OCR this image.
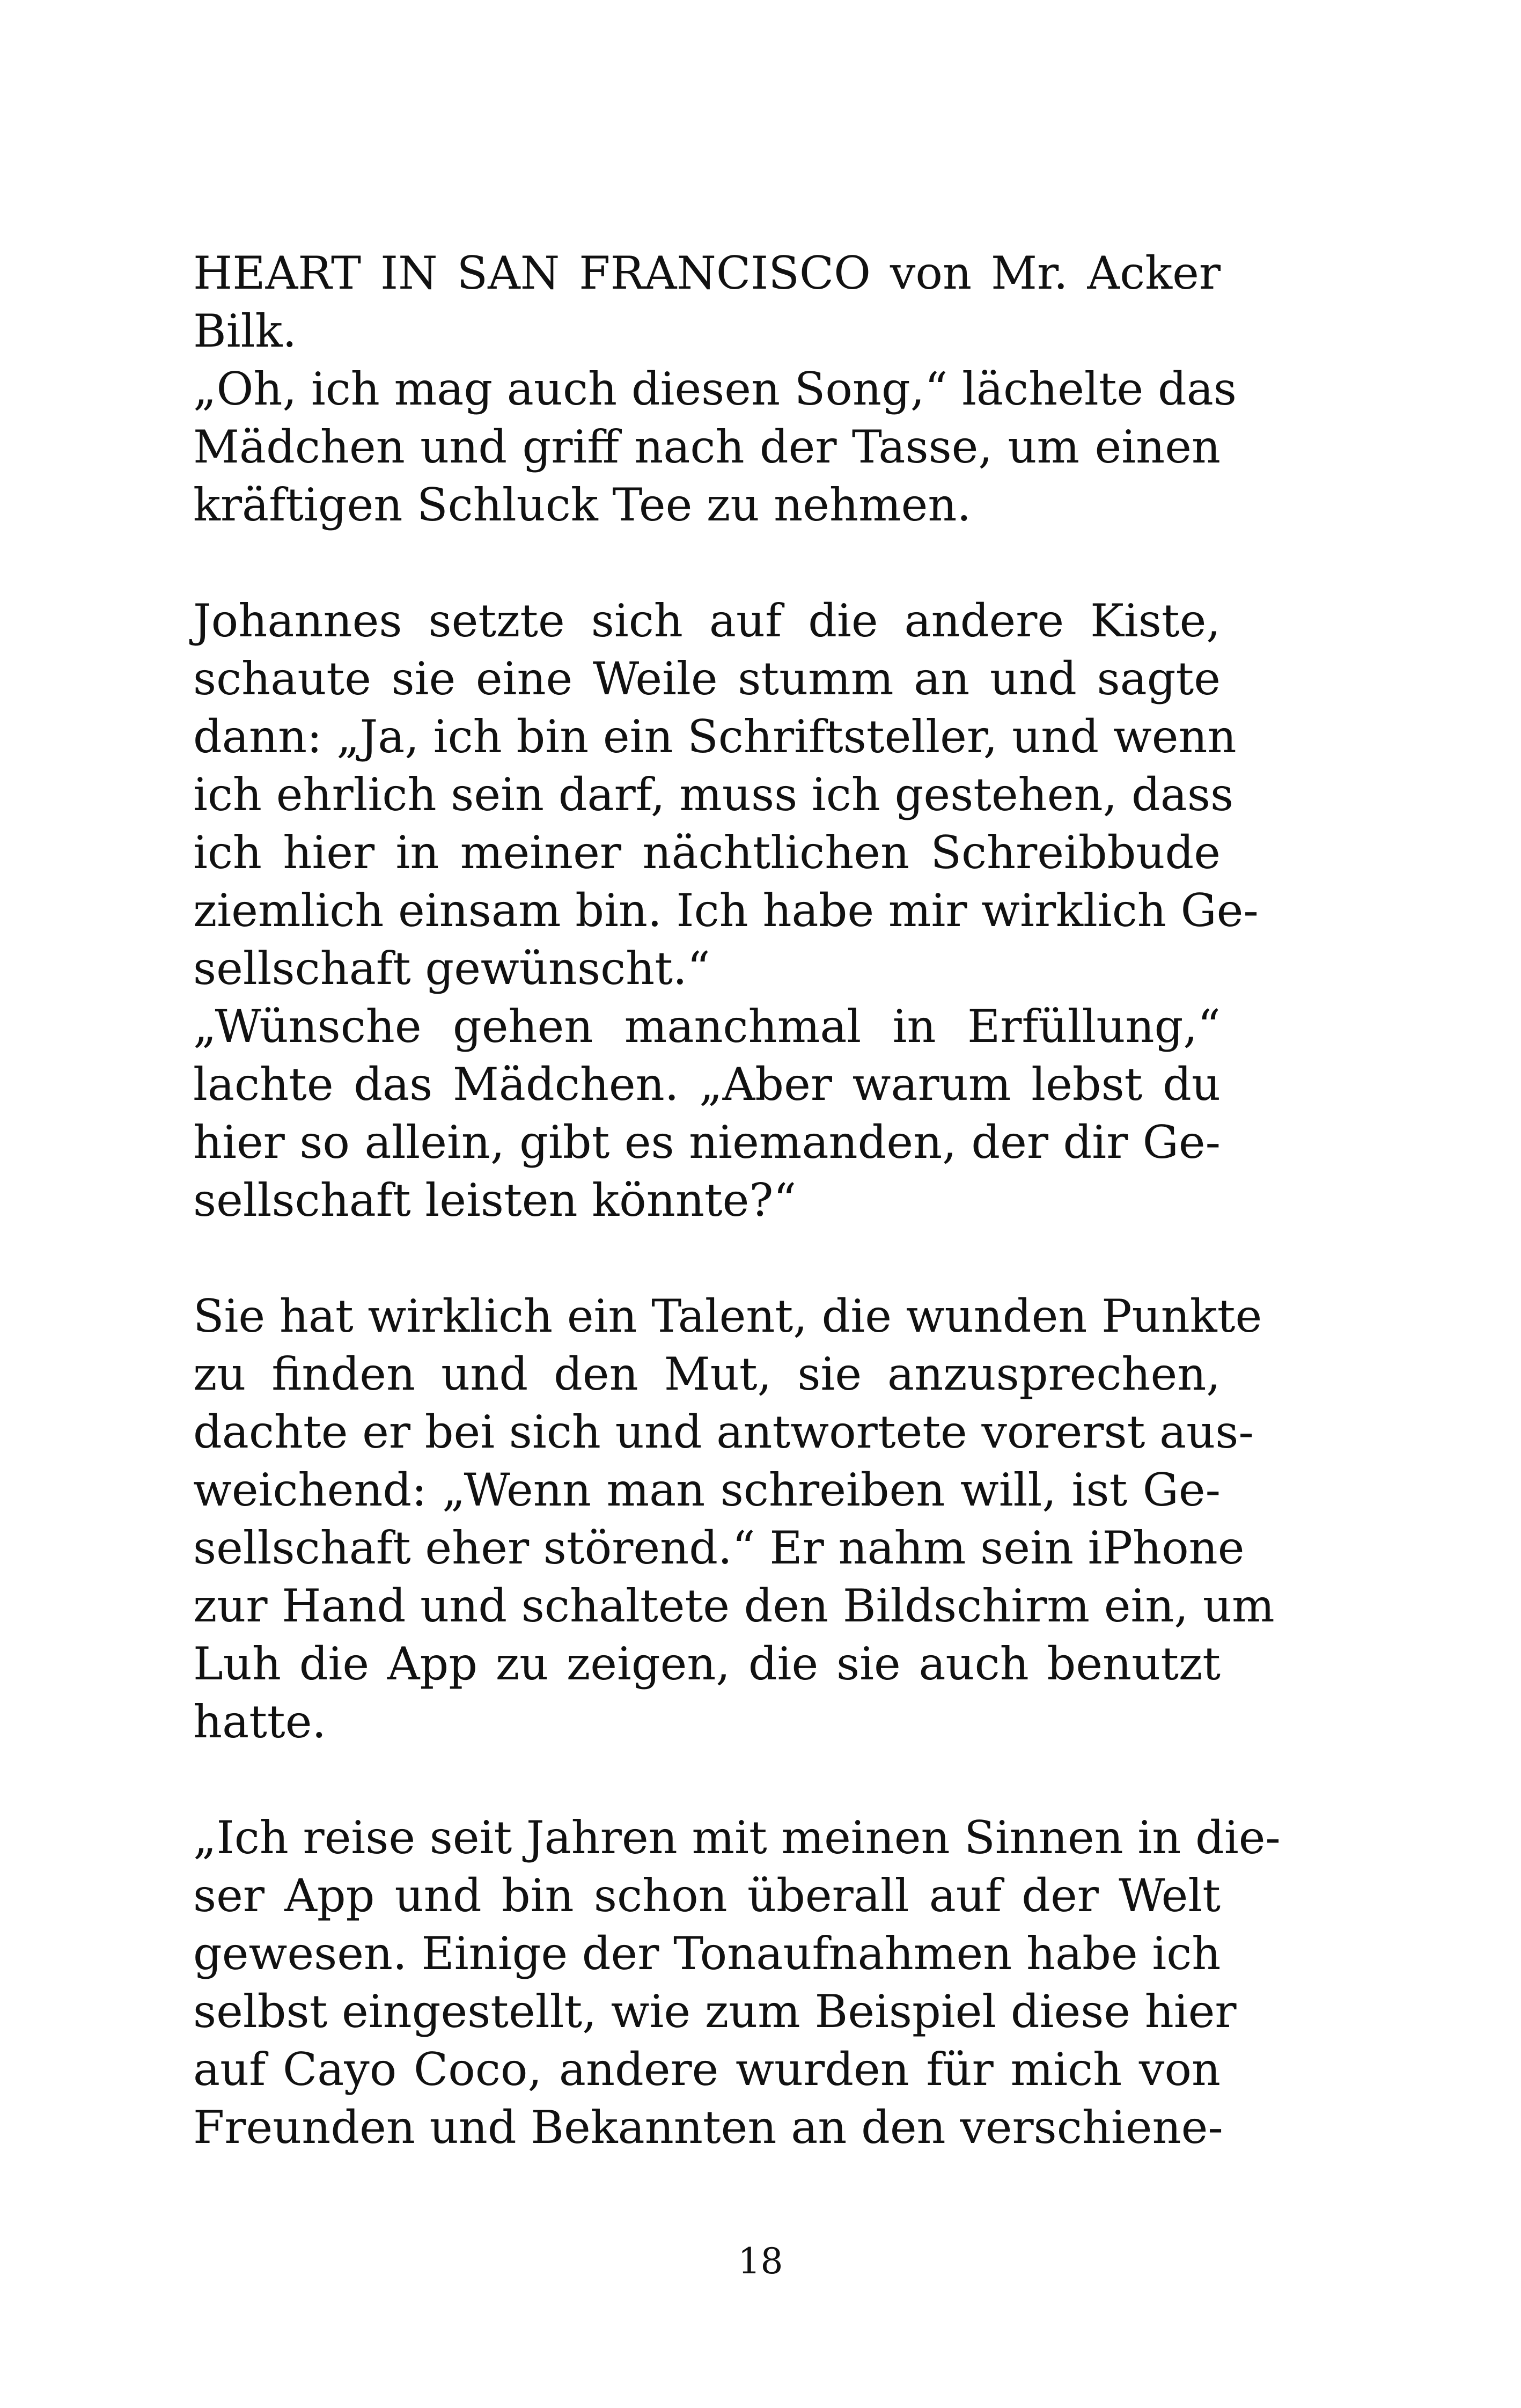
HEART IN SAN FRANCISCO von Mr. Acker
Bilk.
„Oh, ich mag auch diesen Song,“ lächelte das
Mädchen und griff nach der Tasse, um einen
kräftigen Schluck Tee zu nehmen.
Johannes setzte sich auf die andere Kiste,
schaute sie eine Weile stumm an und sagte
dann: „Ja, ich bin ein Schriftsteller, und wenn
ich ehrlich sein darf, muss ich gestehen, dass
ich hier in meiner nächtlichen Schreibbude
ziemlich einsam bin. Ich habe mir wirklich Ge-
sellschaft gewünscht.“
„Wünsche gehen manchmal in Erfüllung,“
lachte das Mädchen. „Aber warum lebst du
hier so allein, gibt es niemanden, der dir Ge-
sellschaft leisten könnte?“
Sie hat wirklich ein Talent, die wunden Punkte
zu finden und den Mut, sie anzusprechen,
dachte er bei sich und antwortete vorerst aus-
weichend: „Wenn man schreiben will, ist Ge-
sellschaft eher störend.“ Er nahm sein iPhone
zur Hand und schaltete den Bildschirm ein, um
Luh die App zu zeigen, die sie auch benutzt
hatte.
„Ich reise seit Jahren mit meinen Sinnen in die-
ser App und bin schon überall auf der Welt
gewesen. Einige der Tonaufnahmen habe ich
selbst eingestellt, wie zum Beispiel diese hier
auf Cayo Coco, andere wurden für mich von
Freunden und Bekannten an den verschiene-
18
